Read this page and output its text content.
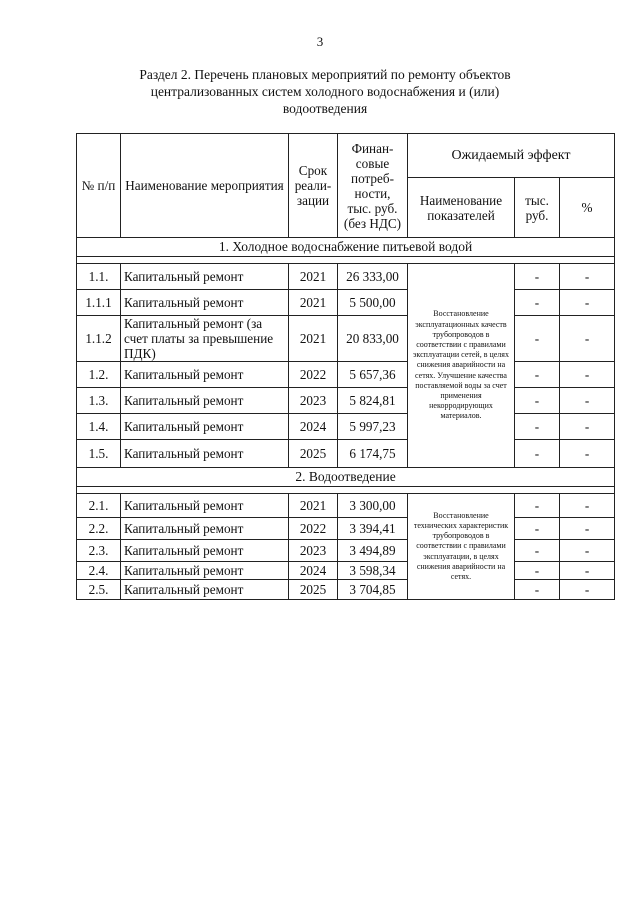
3
Раздел 2. Перечень плановых мероприятий по ремонту объектов
централизованных систем холодного водоснабжения и (или)
водоотведения
№ п/п	Наименование мероприятия	Срок реали-зации	Финан-совые потреб-ности, тыс. руб. (без НДС)	Ожидаемый эффект		
				Наименование показателей	тыс. руб.	%
1. Холодное водоснабжение питьевой водой						

1.1.	Капитальный ремонт	2021	26 333,00	Восстановление эксплуатационных качеств трубопроводов в соответствии с правилами эксплуатации сетей, в целях снижения аварийности на сетях. Улучшение качества поставляемой воды за счет применения некорродирующих материалов.	-	-
1.1.1	Капитальный ремонт	2021	5 500,00		-	-
1.1.2	Капитальный ремонт (за счет платы за превышение ПДК)	2021	20 833,00		-	-
1.2.	Капитальный ремонт	2022	5 657,36		-	-
1.3.	Капитальный ремонт	2023	5 824,81		-	-
1.4.	Капитальный ремонт	2024	5 997,23		-	-
1.5.	Капитальный ремонт	2025	6 174,75		-	-
2. Водоотведение						

2.1.	Капитальный ремонт	2021	3 300,00	Восстановление технических характеристик трубопроводов в соответствии с правилами эксплуатации, в целях снижения аварийности на сетях.	-	-
2.2.	Капитальный ремонт	2022	3 394,41		-	-
2.3.	Капитальный ремонт	2023	3 494,89		-	-
2.4.	Капитальный ремонт	2024	3 598,34		-	-
2.5.	Капитальный ремонт	2025	3 704,85		-	-
